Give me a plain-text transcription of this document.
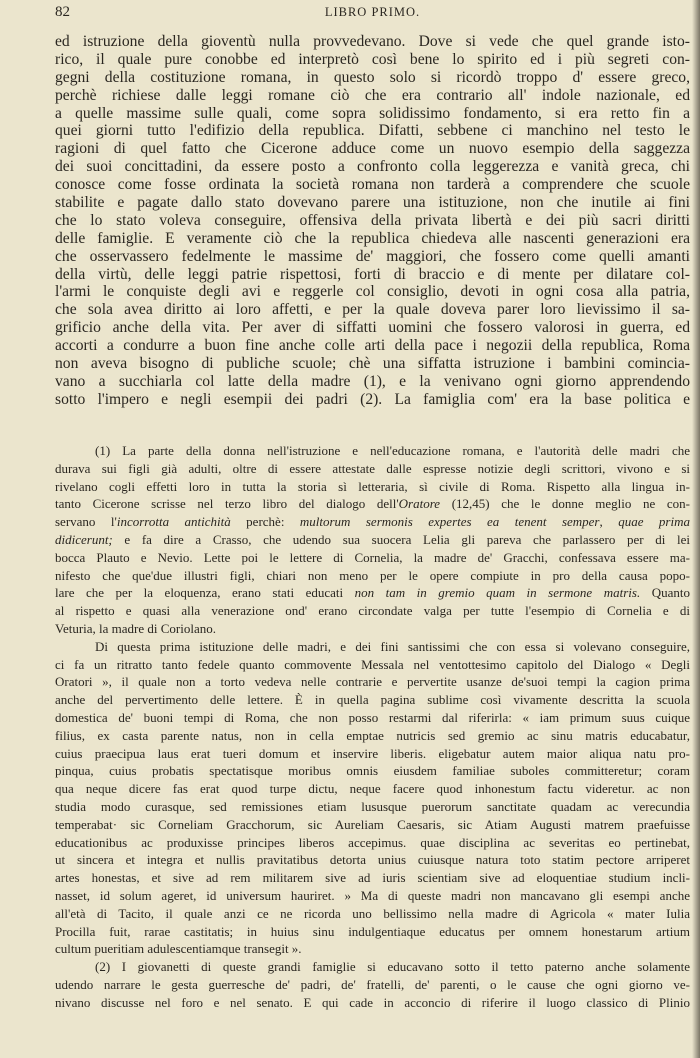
82	LIBRO PRIMO.
ed istruzione della gioventù nulla provvedevano. Dove si vede che quel grande isto-
rico, il quale pure conobbe ed interpretò così bene lo spirito ed i più segreti con-
gegni della costituzione romana, in questo solo si ricordò troppo d' essere greco,
perchè richiese dalle leggi romane ciò che era contrario all' indole nazionale, ed
a quelle massime sulle quali, come sopra solidissimo fondamento, si era retto fin a
quei giorni tutto l'edifizio della republica. Difatti, sebbene ci manchino nel testo le
ragioni di quel fatto che Cicerone adduce come un nuovo esempio della saggezza
dei suoi concittadini, da essere posto a confronto colla leggerezza e vanità greca, chi
conosce come fosse ordinata la società romana non tarderà a comprendere che scuole
stabilite e pagate dallo stato dovevano parere una istituzione, non che inutile ai fini
che lo stato voleva conseguire, offensiva della privata libertà e dei più sacri diritti
delle famiglie. E veramente ciò che la republica chiedeva alle nascenti generazioni era
che osservassero fedelmente le massime de' maggiori, che fossero come quelli amanti
della virtù, delle leggi patrie rispettosi, forti di braccio e di mente per dilatare col-
l'armi le conquiste degli avi e reggerle col consiglio, devoti in ogni cosa alla patria,
che sola avea diritto ai loro affetti, e per la quale doveva parer loro lievissimo il sa-
grificio anche della vita. Per aver di siffatti uomini che fossero valorosi in guerra, ed
accorti a condurre a buon fine anche colle arti della pace i negozii della republica, Roma
non aveva bisogno di publiche scuole; chè una siffatta istruzione i bambini comincia-
vano a succhiarla col latte della madre (1), e la venivano ogni giorno apprendendo
sotto l'impero e negli esempii dei padri (2). La famiglia com' era la base politica e
(1) La parte della donna nell'istruzione e nell'educazione romana, e l'autorità delle madri che
durava sui figli già adulti, oltre di essere attestate dalle espresse notizie degli scrittori, vivono e si
rivelano cogli effetti loro in tutta la storia sì letteraria, sì civile di Roma. Rispetto alla lingua in-
tanto Cicerone scrisse nel terzo libro del dialogo dell'Oratore (12,45) che le donne meglio ne con-
servano l'incorrotta antichità perchè: multorum sermonis expertes ea tenent semper, quae prima
didicerunt; e fa dire a Crasso, che udendo sua suocera Lelia gli pareva che parlassero per di lei
bocca Plauto e Nevio. Lette poi le lettere di Cornelia, la madre de' Gracchi, confessava essere ma-
nifesto che que'due illustri figli, chiari non meno per le opere compiute in pro della causa popo-
lare che per la eloquenza, erano stati educati non tam in gremio quam in sermone matris. Quanto
al rispetto e quasi alla venerazione ond' erano circondate valga per tutte l'esempio di Cornelia e di
Veturia, la madre di Coriolano.
Di questa prima istituzione delle madri, e dei fini santissimi che con essa si volevano conseguire,
ci fa un ritratto tanto fedele quanto commovente Messala nel ventottesimo capitolo del Dialogo « Degli
Oratori », il quale non a torto vedeva nelle contrarie e pervertite usanze de'suoi tempi la cagion prima
anche del pervertimento delle lettere. È in quella pagina sublime così vivamente descritta la scuola
domestica de' buoni tempi di Roma, che non posso restarmi dal riferirla: « iam primum suus cuique
filius, ex casta parente natus, non in cella emptae nutricis sed gremio ac sinu matris educabatur,
cuius praecipua laus erat tueri domum et inservire liberis. eligebatur autem maior aliqua natu pro-
pinqua, cuius probatis spectatisque moribus omnis eiusdem familiae suboles committeretur; coram
qua neque dicere fas erat quod turpe dictu, neque facere quod inhonestum factu videretur. ac non
studia modo curasque, sed remissiones etiam lususque puerorum sanctitate quadam ac verecundia
temperabat· sic Corneliam Gracchorum, sic Aureliam Caesaris, sic Atiam Augusti matrem praefuisse
educationibus ac produxisse principes liberos accepimus. quae disciplina ac severitas eo pertinebat,
ut sincera et integra et nullis pravitatibus detorta unius cuiusque natura toto statim pectore arriperet
artes honestas, et sive ad rem militarem sive ad iuris scientiam sive ad eloquentiae studium incli-
nasset, id solum ageret, id universum hauriret. » Ma di queste madri non mancavano gli esempi anche
all'età di Tacito, il quale anzi ce ne ricorda uno bellissimo nella madre di Agricola « mater Iulia
Procilla fuit, rarae castitatis; in huius sinu indulgentiaque educatus per omnem honestarum artium
cultum pueritiam adulescentiamque transegit ».
(2) I giovanetti di queste grandi famiglie si educavano sotto il tetto paterno anche solamente
udendo narrare le gesta guerresche de' padri, de' fratelli, de' parenti, o le cause che ogni giorno ve-
nivano discusse nel foro e nel senato. E qui cade in acconcio di riferire il luogo classico di Plinio
